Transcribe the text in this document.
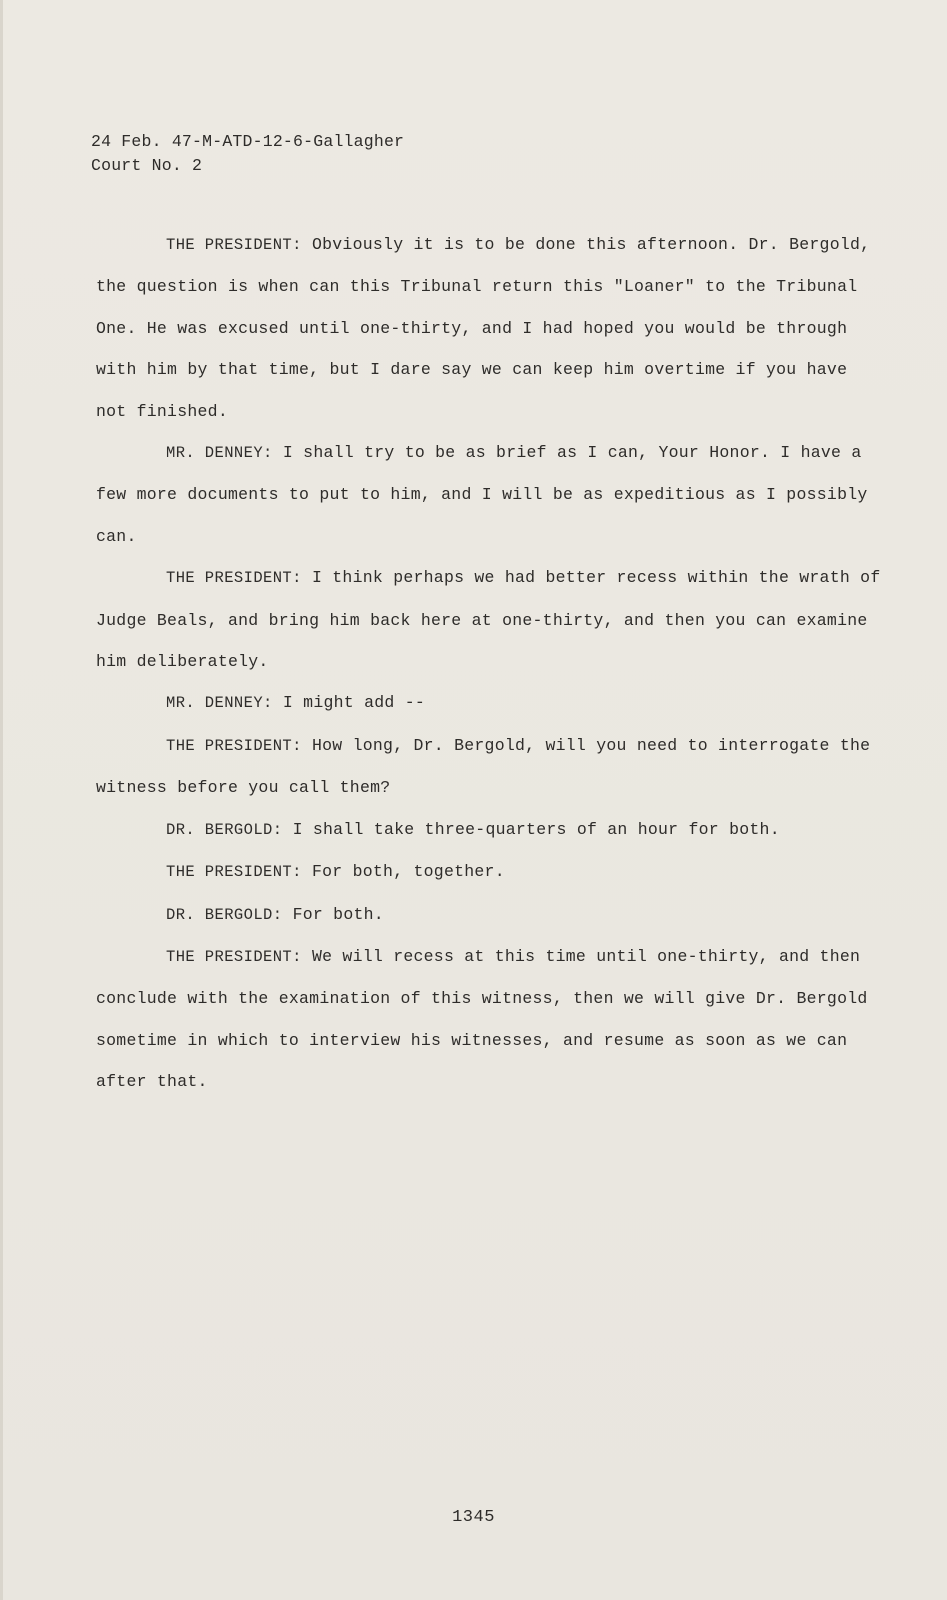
24 Feb. 47-M-ATD-12-6-Gallagher
Court No. 2

THE PRESIDENT: Obviously it is to be done this afternoon. Dr. Bergold, the question is when can this Tribunal return this "Loaner" to the Tribunal One. He was excused until one-thirty, and I had hoped you would be through with him by that time, but I dare say we can keep him overtime if you have not finished.

MR. DENNEY: I shall try to be as brief as I can, Your Honor. I have a few more documents to put to him, and I will be as expeditious as I possibly can.

THE PRESIDENT: I think perhaps we had better recess within the wrath of Judge Beals, and bring him back here at one-thirty, and then you can examine him deliberately.

MR. DENNEY: I might add --

THE PRESIDENT: How long, Dr. Bergold, will you need to interrogate the witness before you call them?

DR. BERGOLD: I shall take three-quarters of an hour for both.

THE PRESIDENT: For both, together.

DR. BERGOLD: For both.

THE PRESIDENT: We will recess at this time until one-thirty, and then conclude with the examination of this witness, then we will give Dr. Bergold sometime in which to interview his witnesses, and resume as soon as we can after that.

1345
